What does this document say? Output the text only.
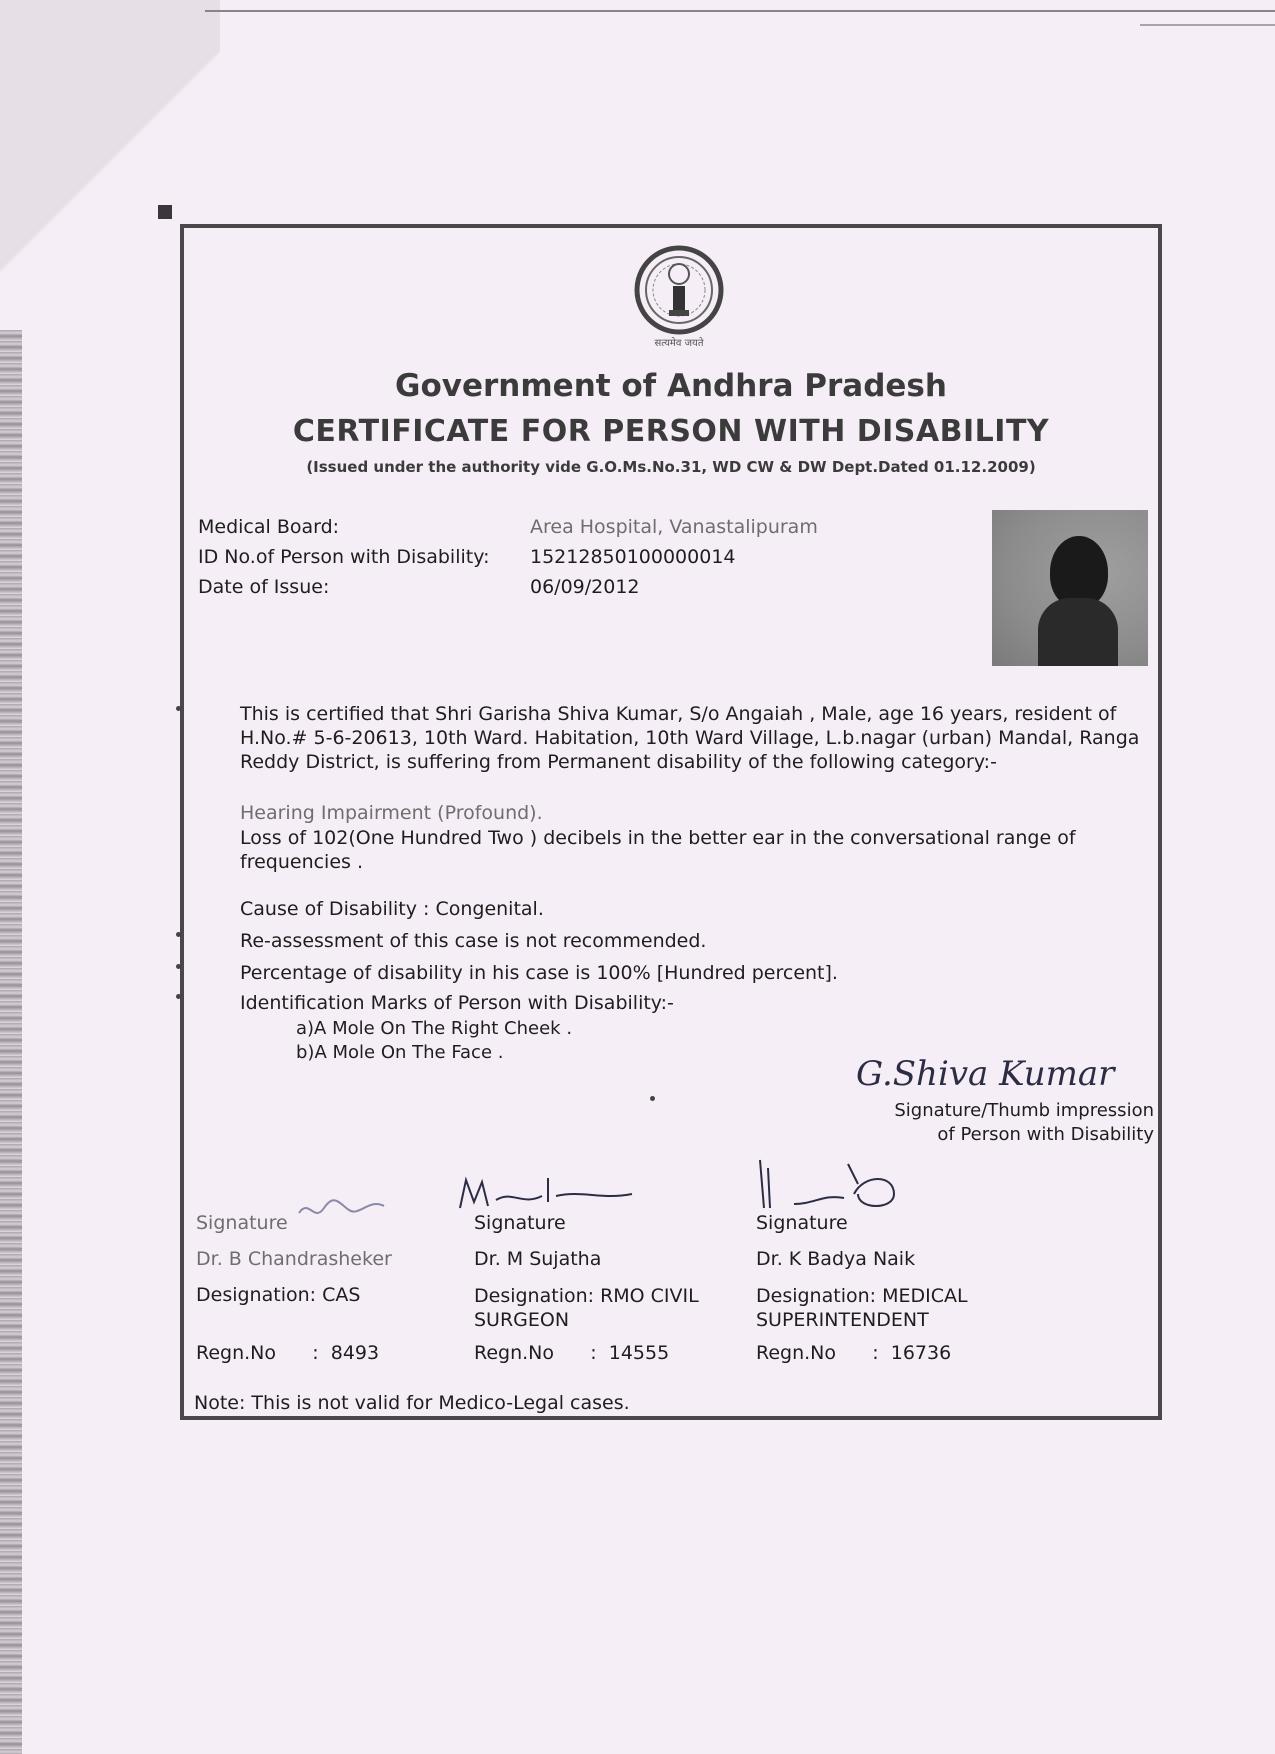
सत्यमेव जयते
Government of Andhra Pradesh
CERTIFICATE FOR PERSON WITH DISABILITY
(Issued under the authority vide G.O.Ms.No.31, WD CW & DW Dept.Dated 01.12.2009)
Medical Board:	Area Hospital, Vanastalipuram
ID No.of Person with Disability: 15212850100000014
Date of Issue:	06/09/2012
This is certified that Shri Garisha Shiva Kumar, S/o Angaiah , Male, age 16 years, resident of H.No.# 5-6-20613, 10th Ward. Habitation, 10th Ward Village, L.b.nagar (urban) Mandal, Ranga Reddy District, is suffering from Permanent disability of the following category:-
Hearing Impairment (Profound).
Loss of 102(One Hundred Two ) decibels in the better ear in the conversational range of frequencies .
Cause of Disability : Congenital.
Re-assessment of this case is not recommended.
Percentage of disability in his case is 100% [Hundred percent].
Identification Marks of Person with Disability:-
a)A Mole On The Right Cheek .
b)A Mole On The Face .
G.Shiva Kumar
Signature/Thumb impression
of Person with Disability
Signature
Dr. B Chandrasheker
Designation: CAS
Regn.No      :  8493
Signature
Dr. M Sujatha
Designation: RMO CIVIL SURGEON
Regn.No      :  14555
Signature
Dr. K Badya Naik
Designation: MEDICAL SUPERINTENDENT
Regn.No      :  16736
Note: This is not valid for Medico-Legal cases.
